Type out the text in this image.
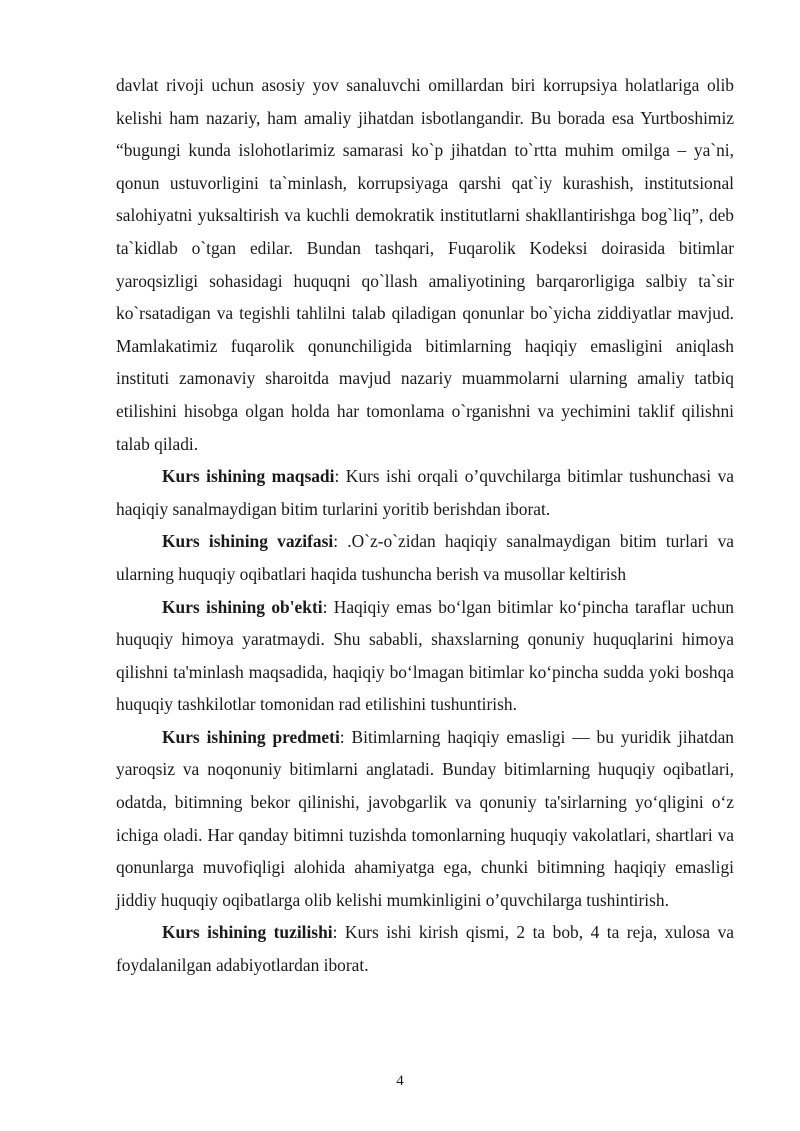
davlat rivoji uchun asosiy yov sanaluvchi omillardan biri korrupsiya holatlariga olib kelishi ham nazariy, ham amaliy jihatdan isbotlangandir. Bu borada esa Yurtboshimiz “bugungi kunda islohotlarimiz samarasi ko`p jihatdan to`rtta muhim omilga – ya`ni, qonun ustuvorligini ta`minlash, korrupsiyaga qarshi qat`iy kurashish, institutsional salohiyatni yuksaltirish va kuchli demokratik institutlarni shakllantirishga bog`liq”, deb ta`kidlab o`tgan edilar. Bundan tashqari, Fuqarolik Kodeksi doirasida bitimlar yaroqsizligi sohasidagi huquqni qo`llash amaliyotining barqarorligiga salbiy ta`sir ko`rsatadigan va tegishli tahlilni talab qiladigan qonunlar bo`yicha ziddiyatlar mavjud. Mamlakatimiz fuqarolik qonunchiligida bitimlarning haqiqiy emasligini aniqlash instituti zamonaviy sharoitda mavjud nazariy muammolarni ularning amaliy tatbiq etilishini hisobga olgan holda har tomonlama o`rganishni va yechimini taklif qilishni talab qiladi.

Kurs ishining maqsadi: Kurs ishi orqali o’quvchilarga bitimlar tushunchasi va haqiqiy sanalmaydigan bitim turlarini yoritib berishdan iborat.

Kurs ishining vazifasi: .O`z-o`zidan haqiqiy sanalmaydigan bitim turlari va ularning huquqiy oqibatlari haqida tushuncha berish va musollar keltirish

Kurs ishining ob'ekti: Haqiqiy emas bo‘lgan bitimlar ko‘pincha taraflar uchun huquqiy himoya yaratmaydi. Shu sababli, shaxslarning qonuniy huquqlarini himoya qilishni ta'minlash maqsadida, haqiqiy bo‘lmagan bitimlar ko‘pincha sudda yoki boshqa huquqiy tashkilotlar tomonidan rad etilishini tushuntirish.

Kurs ishining predmeti: Bitimlarning haqiqiy emasligi — bu yuridik jihatdan yaroqsiz va noqonuniy bitimlarni anglatadi. Bunday bitimlarning huquqiy oqibatlari, odatda, bitimning bekor qilinishi, javobgarlik va qonuniy ta'sirlarning yo‘qligini o‘z ichiga oladi. Har qanday bitimni tuzishda tomonlarning huquqiy vakolatlari, shartlari va qonunlarga muvofiqligi alohida ahamiyatga ega, chunki bitimning haqiqiy emasligi jiddiy huquqiy oqibatlarga olib kelishi mumkinligini o’quvchilarga tushintirish.

Kurs ishining tuzilishi: Kurs ishi kirish qismi, 2 ta bob, 4 ta reja, xulosa va foydalanilgan adabiyotlardan iborat.

4
